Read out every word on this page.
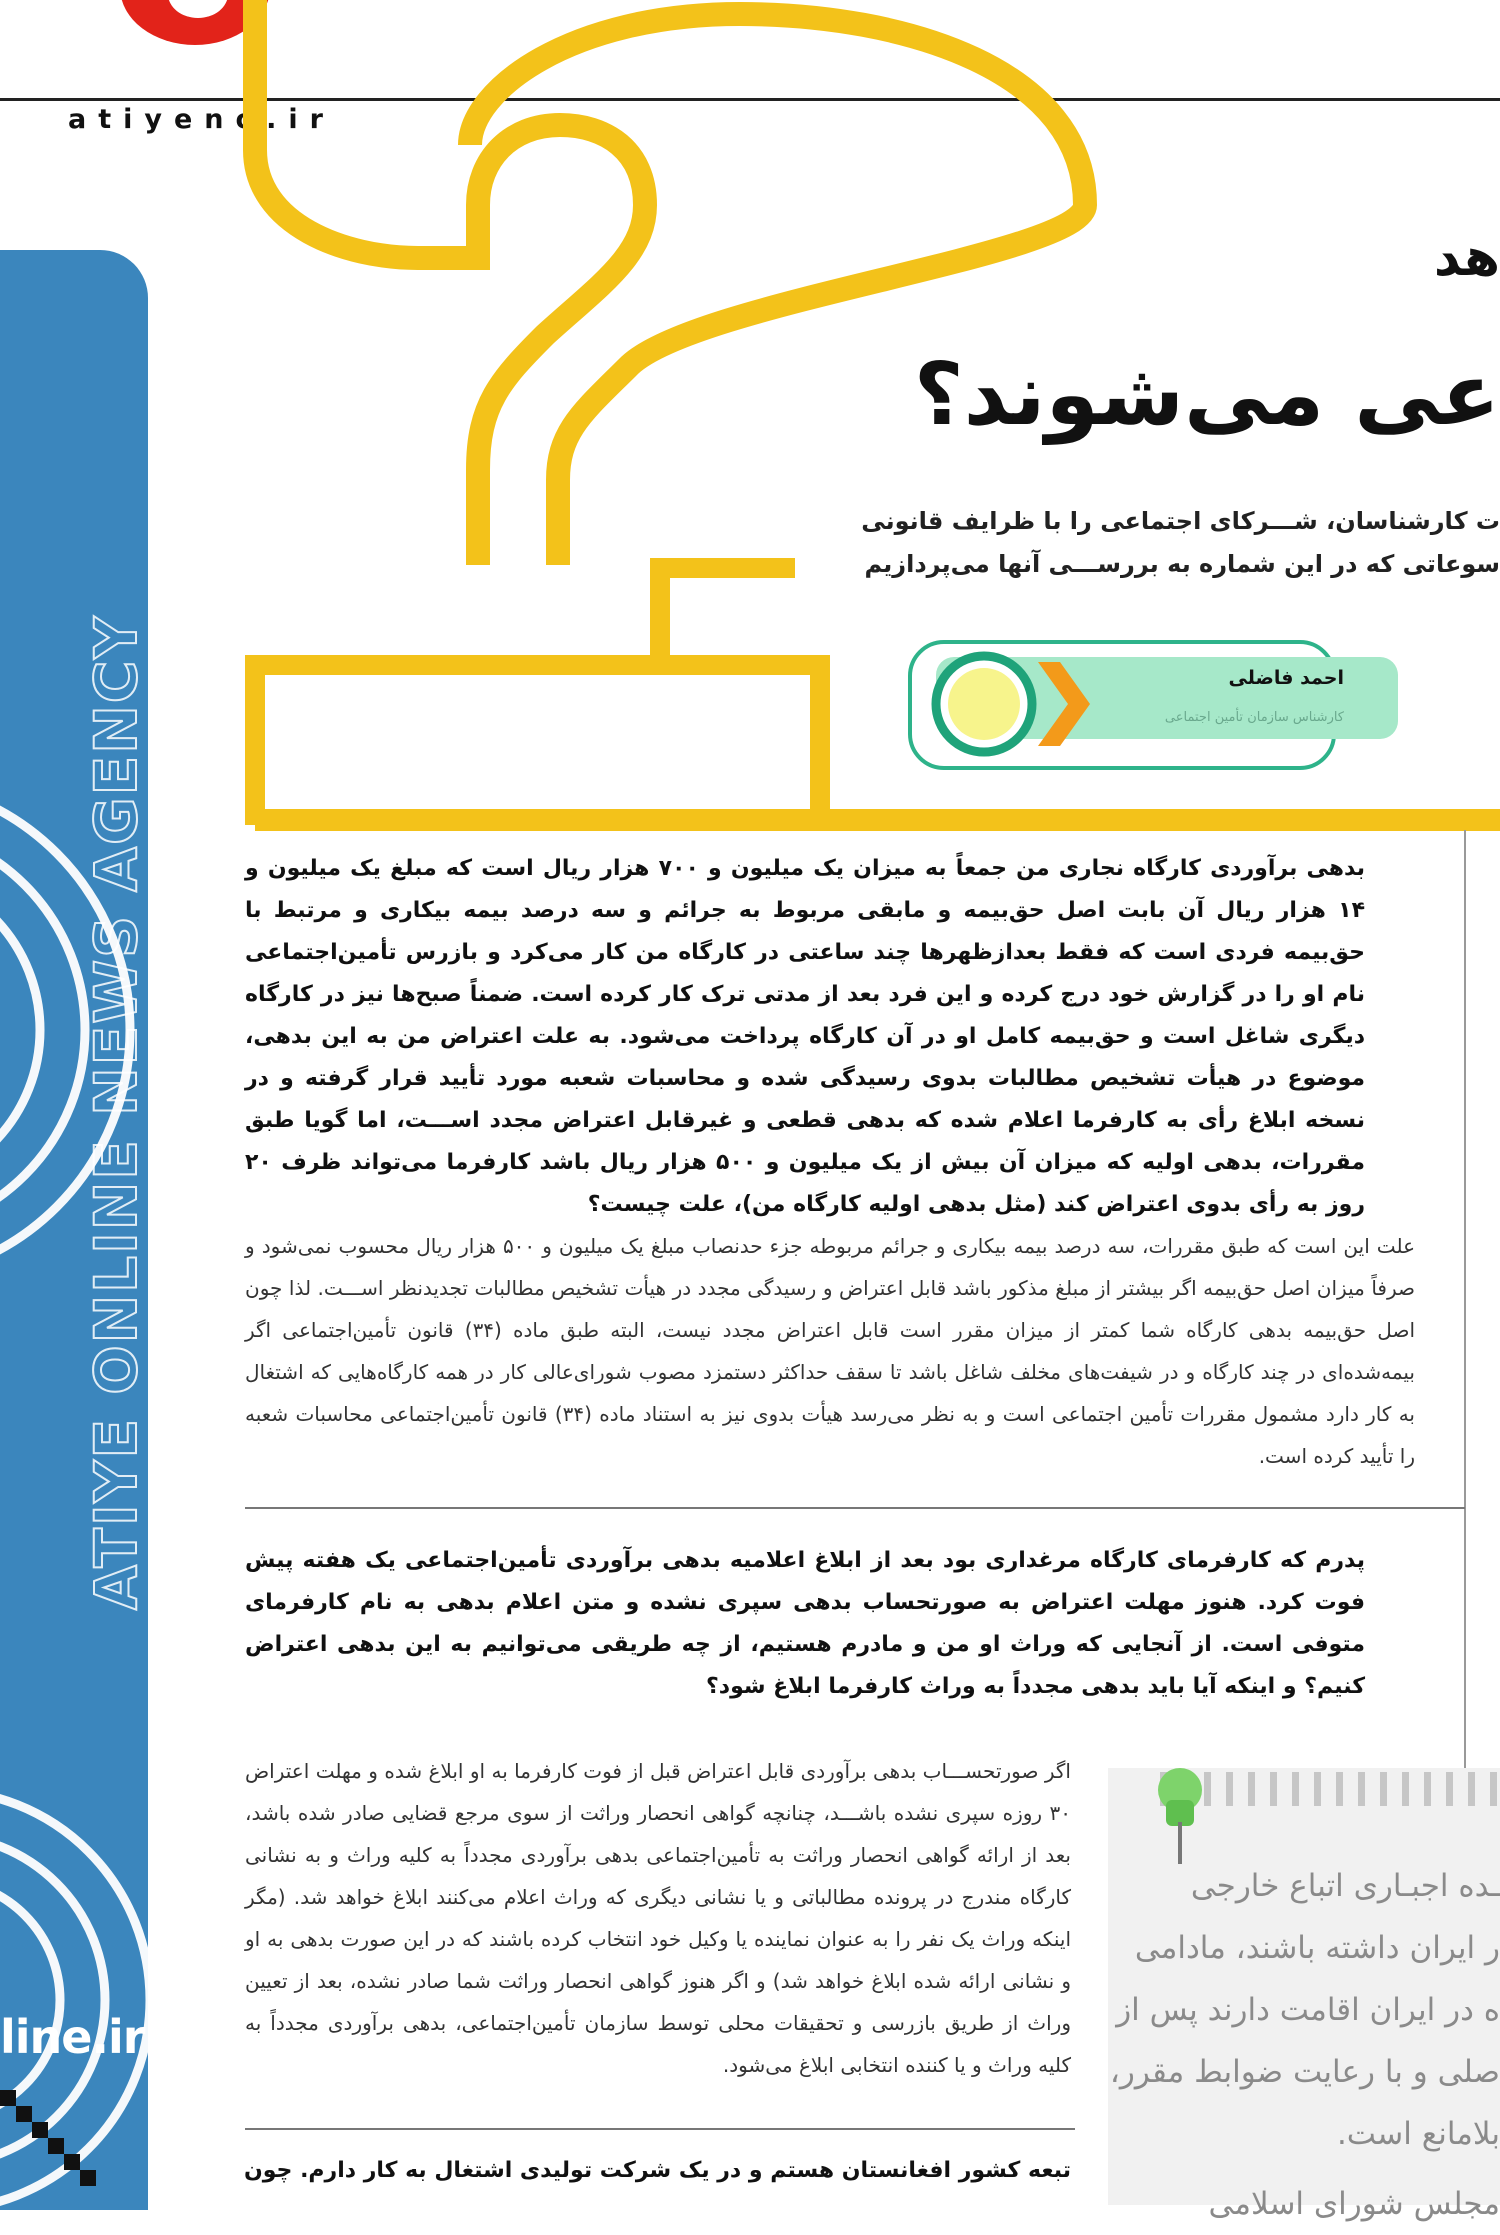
atiyeno.ir
ATIYE ONLINE NEWS AGENCY
line.ir
هد
عی می‌شوند؟
ت کارشناسان، شـــرکای اجتماعی را با ظرایف قانونی
سوعاتی که در این شماره به بررســـی آنها می‌پردازیم
احمد فاضلی
کارشناس سازمان تأمین اجتماعی
بدهی برآوردی کارگاه نجاری من جمعاً به میزان یک میلیون و ۷۰۰ هزار ریال است که مبلغ یک میلیون و ۱۴ هزار ریال آن بابت اصل حق‌بیمه و مابقی مربوط به جرائم و سه درصد بیمه بیکاری و مرتبط با حق‌بیمه فردی است که فقط بعدازظهرها چند ساعتی در کارگاه من کار می‌کرد و بازرس تأمین‌اجتماعی نام او را در گزارش خود درج کرده و این فرد بعد از مدتی ترک کار کرده است. ضمناً صبح‌ها نیز در کارگاه دیگری شاغل است و حق‌بیمه کامل او در آن کارگاه پرداخت می‌شود. به علت اعتراض من به این بدهی، موضوع در هیأت تشخیص مطالبات بدوی رسیدگی شده و محاسبات شعبه مورد تأیید قرار گرفته و در نسخه ابلاغ رأی به کارفرما اعلام شده که بدهی قطعی و غیرقابل اعتراض مجدد اســـت، اما گویا طبق مقررات، بدهی اولیه که میزان آن بیش از یک میلیون و ۵۰۰ هزار ریال باشد کارفرما می‌تواند ظرف ۲۰ روز به رأی بدوی اعتراض کند (مثل بدهی اولیه کارگاه من)، علت چیست؟
علت این است که طبق مقررات، سه درصد بیمه بیکاری و جرائم مربوطه جزء حدنصاب مبلغ یک میلیون و ۵۰۰ هزار ریال محسوب نمی‌شود و صرفاً میزان اصل حق‌بیمه اگر بیشتر از مبلغ مذکور باشد قابل اعتراض و رسیدگی مجدد در هیأت تشخیص مطالبات تجدیدنظر اســـت. لذا چون اصل حق‌بیمه بدهی کارگاه شما کمتر از میزان مقرر است قابل اعتراض مجدد نیست، البته طبق ماده (۳۴) قانون تأمین‌اجتماعی اگر بیمه‌شده‌ای در چند کارگاه و در شیفت‌های مخلف شاغل باشد تا سقف حداکثر دستمزد مصوب شورای‌عالی کار در همه کارگاه‌هایی که اشتغال به کار دارد مشمول مقررات تأمین اجتماعی است و به نظر می‌رسد هیأت بدوی نیز به استناد ماده (۳۴) قانون تأمین‌اجتماعی محاسبات شعبه را تأیید کرده است.
پدرم که کارفرمای کارگاه مرغداری بود بعد از ابلاغ اعلامیه بدهی برآوردی تأمین‌اجتماعی یک هفته پیش فوت کرد. هنوز مهلت اعتراض به صورتحساب بدهی سپری نشده و متن اعلام بدهی به نام کارفرمای متوفی است. از آنجایی که وراث او من و مادرم هستیم، از چه طریقی می‌توانیم به این بدهی اعتراض کنیم؟ و اینکه آیا باید بدهی مجدداً به وراث کارفرما ابلاغ شود؟
اگر صورتحســـاب بدهی برآوردی قابل اعتراض قبل از فوت کارفرما به او ابلاغ شده و مهلت اعتراض ۳۰ روزه سپری نشده باشـــد، چنانچه گواهی انحصار وراثت از سوی مرجع قضایی صادر شده باشد، بعد از ارائه گواهی انحصار وراثت به تأمین‌اجتماعی بدهی برآوردی مجدداً به کلیه وراث و به نشانی کارگاه مندرج در پرونده مطالباتی و یا نشانی دیگری که وراث اعلام می‌کنند ابلاغ خواهد شد. (مگر اینکه وراث یک نفر را به عنوان نماینده یا وکیل خود انتخاب کرده باشند که در این صورت بدهی به او و نشانی ارائه شده ابلاغ خواهد شد) و اگر هنوز گواهی انحصار وراثت شما صادر نشده، بعد از تعیین وراث از طریق بازرسی و تحقیقات محلی توسط سازمان تأمین‌اجتماعی، بدهی برآوردی مجدداً به کلیه وراث و یا کننده انتخابی ابلاغ می‌شود.
تبعه کشور افغانستان هستم و در یک شرکت تولیدی اشتغال به کار دارم. چون
ـده اجبـاری اتباع خارجی
ر ایران داشته باشند، مادامی
ه در ایران اقامت دارند پس از
صلی و با رعایت ضوابط مقرر،
بلامانع است.
مجلس شورای اسلامی
